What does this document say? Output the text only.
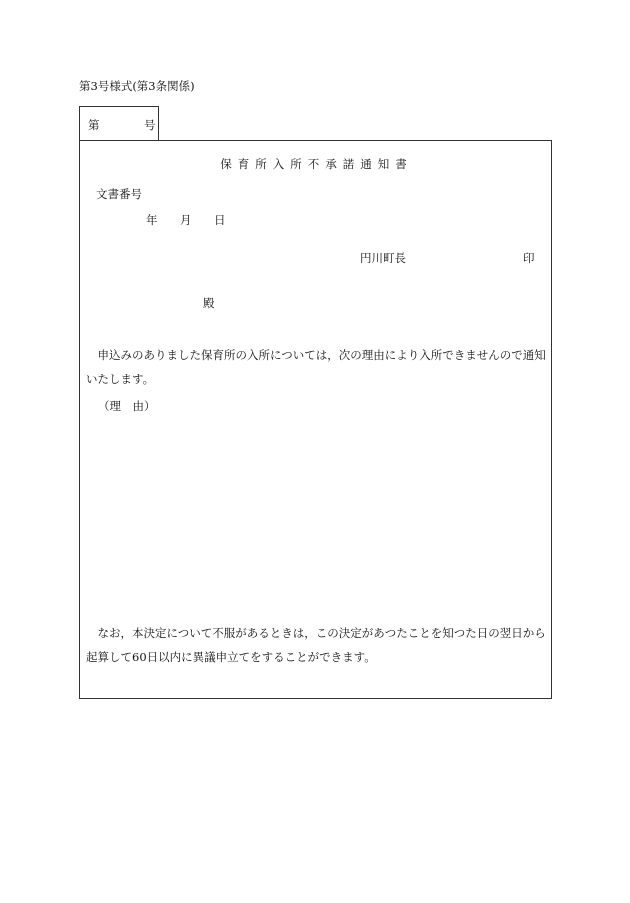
第3号様式(第3条関係)
第	号
保育所入所不承諾通知書
文書番号
年 月 日
円川町長	印
殿
　申込みのありました保育所の入所については，次の理由により入所できませんので通知いたします。
（理　由）
　なお，本決定について不服があるときは，この決定があつたことを知つた日の翌日から起算して60日以内に異議申立てをすることができます。
